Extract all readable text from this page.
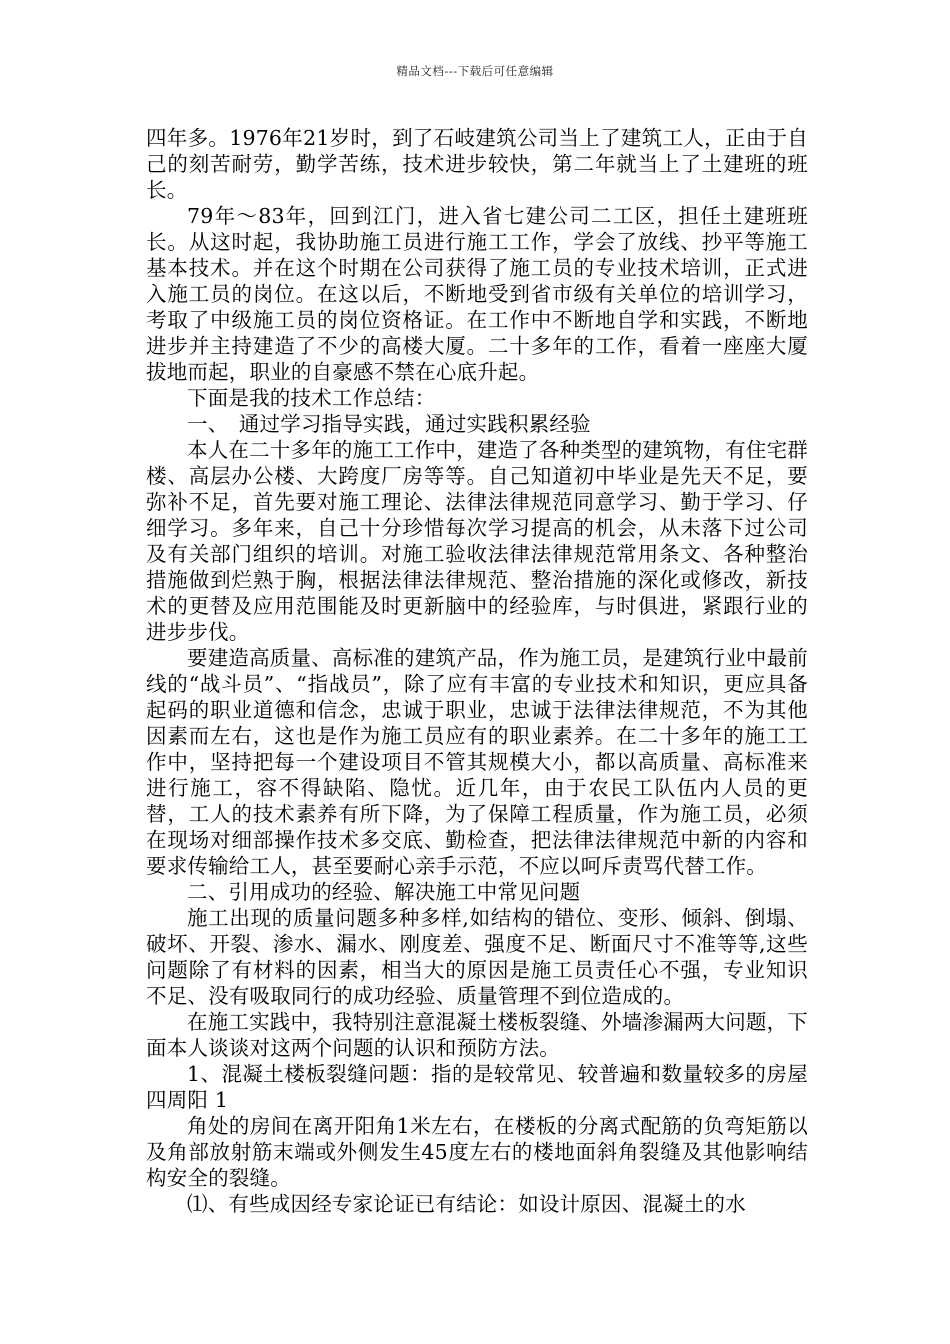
精品文档---下载后可任意编辑

四年多。1976年21岁时，到了石岐建筑公司当上了建筑工人，正由于自己的刻苦耐劳，勤学苦练，技术进步较快，第二年就当上了土建班的班长。

79年～83年，回到江门，进入省七建公司二工区，担任土建班班长。从这时起，我协助施工员进行施工工作，学会了放线、抄平等施工基本技术。并在这个时期在公司获得了施工员的专业技术培训，正式进入施工员的岗位。在这以后，不断地受到省市级有关单位的培训学习，考取了中级施工员的岗位资格证。在工作中不断地自学和实践，不断地进步并主持建造了不少的高楼大厦。二十多年的工作，看着一座座大厦拔地而起，职业的自豪感不禁在心底升起。

下面是我的技术工作总结：

一、　通过学习指导实践，通过实践积累经验

本人在二十多年的施工工作中，建造了各种类型的建筑物，有住宅群楼、高层办公楼、大跨度厂房等等。自己知道初中毕业是先天不足，要弥补不足，首先要对施工理论、法律法律规范同意学习、勤于学习、仔细学习。多年来，自己十分珍惜每次学习提高的机会，从未落下过公司及有关部门组织的培训。对施工验收法律法律规范常用条文、各种整治措施做到烂熟于胸，根据法律法律规范、整治措施的深化或修改，新技术的更替及应用范围能及时更新脑中的经验库，与时俱进，紧跟行业的进步步伐。

要建造高质量、高标准的建筑产品，作为施工员，是建筑行业中最前线的“战斗员”、“指战员”，除了应有丰富的专业技术和知识，更应具备起码的职业道德和信念，忠诚于职业，忠诚于法律法律规范，不为其他因素而左右，这也是作为施工员应有的职业素养。在二十多年的施工工作中，坚持把每一个建设项目不管其规模大小，都以高质量、高标准来进行施工，容不得缺陷、隐忧。近几年，由于农民工队伍内人员的更替，工人的技术素养有所下降，为了保障工程质量，作为施工员，必须在现场对细部操作技术多交底、勤检查，把法律法律规范中新的内容和要求传输给工人，甚至要耐心亲手示范，不应以呵斥责骂代替工作。

二、引用成功的经验、解决施工中常见问题

施工出现的质量问题多种多样,如结构的错位、变形、倾斜、倒塌、破坏、开裂、渗水、漏水、刚度差、强度不足、断面尺寸不准等等,这些问题除了有材料的因素，相当大的原因是施工员责任心不强，专业知识不足、没有吸取同行的成功经验、质量管理不到位造成的。

在施工实践中，我特别注意混凝土楼板裂缝、外墙渗漏两大问题，下面本人谈谈对这两个问题的认识和预防方法。

1、混凝土楼板裂缝问题：指的是较常见、较普遍和数量较多的房屋四周阳 1

角处的房间在离开阳角1米左右，在楼板的分离式配筋的负弯矩筋以及角部放射筋末端或外侧发生45度左右的楼地面斜角裂缝及其他影响结构安全的裂缝。

⑴、有些成因经专家论证已有结论：如设计原因、混凝土的水
